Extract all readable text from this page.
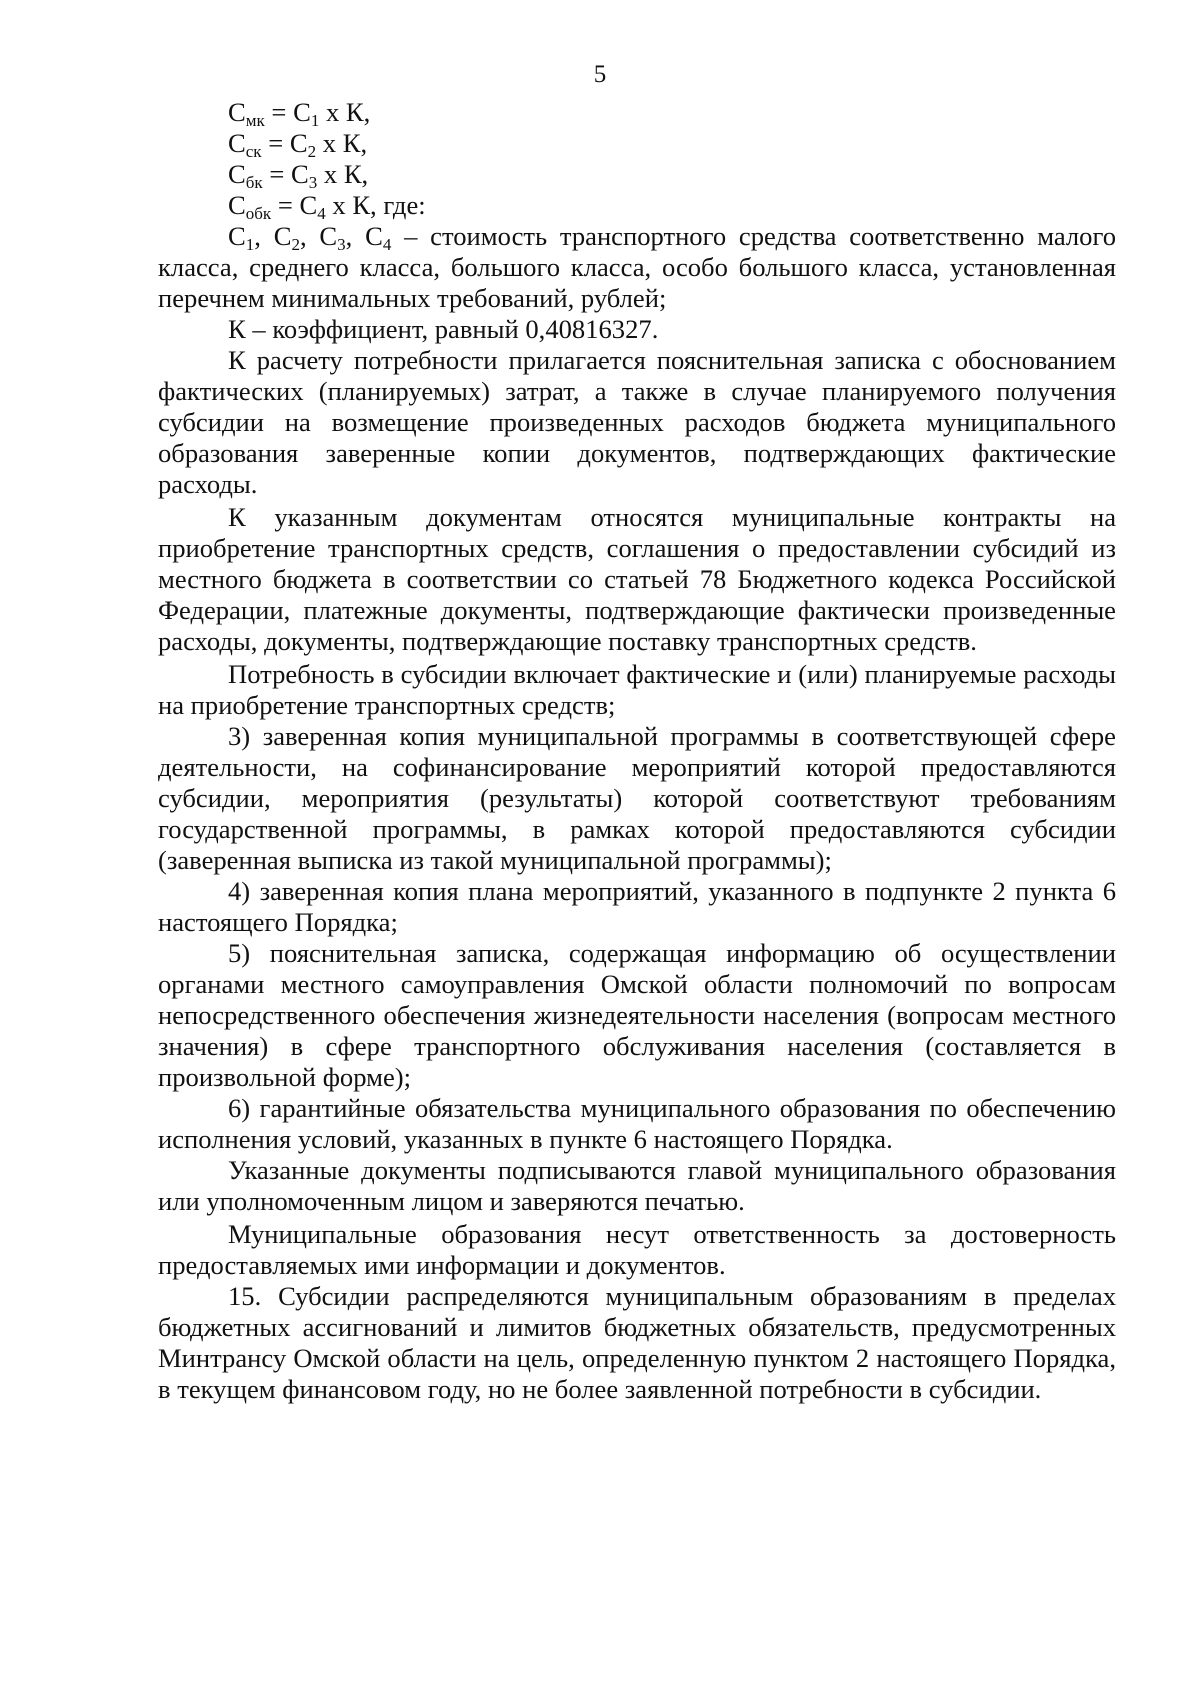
5
$С_{мк} = С_1$ х К,
$С_{ск} = С_2$ х К,
$С_{бк} = С_3$ х К,
$С_{обк} = С_4$ х К, где:

$С_1$, $С_2$, $С_3$, $С_4$ – стоимость транспортного средства соответственно малого класса, среднего класса, большого класса, особо большого класса, установленная перечнем минимальных требований, рублей;

К – коэффициент, равный 0,40816327.

К расчету потребности прилагается пояснительная записка с обоснованием фактических (планируемых) затрат, а также в случае планируемого получения субсидии на возмещение произведенных расходов бюджета муниципального образования заверенные копии документов, подтверждающих фактические расходы.

К указанным документам относятся муниципальные контракты на приобретение транспортных средств, соглашения о предоставлении субсидий из местного бюджета в соответствии со статьей 78 Бюджетного кодекса Российской Федерации, платежные документы, подтверждающие фактически произведенные расходы, документы, подтверждающие поставку транспортных средств.

Потребность в субсидии включает фактические и (или) планируемые расходы на приобретение транспортных средств;

3) заверенная копия муниципальной программы в соответствующей сфере деятельности, на софинансирование мероприятий которой предоставляются субсидии, мероприятия (результаты) которой соответствуют требованиям государственной программы, в рамках которой предоставляются субсидии (заверенная выписка из такой муниципальной программы);

4) заверенная копия плана мероприятий, указанного в подпункте 2 пункта 6 настоящего Порядка;

5) пояснительная записка, содержащая информацию об осуществлении органами местного самоуправления Омской области полномочий по вопросам непосредственного обеспечения жизнедеятельности населения (вопросам местного значения) в сфере транспортного обслуживания населения (составляется в произвольной форме);

6) гарантийные обязательства муниципального образования по обеспечению исполнения условий, указанных в пункте 6 настоящего Порядка.

Указанные документы подписываются главой муниципального образования или уполномоченным лицом и заверяются печатью.

Муниципальные образования несут ответственность за достоверность предоставляемых ими информации и документов.

15. Субсидии распределяются муниципальным образованиям в пределах бюджетных ассигнований и лимитов бюджетных обязательств, предусмотренных Минтрансу Омской области на цель, определенную пунктом 2 настоящего Порядка, в текущем финансовом году, но не более заявленной потребности в субсидии.
